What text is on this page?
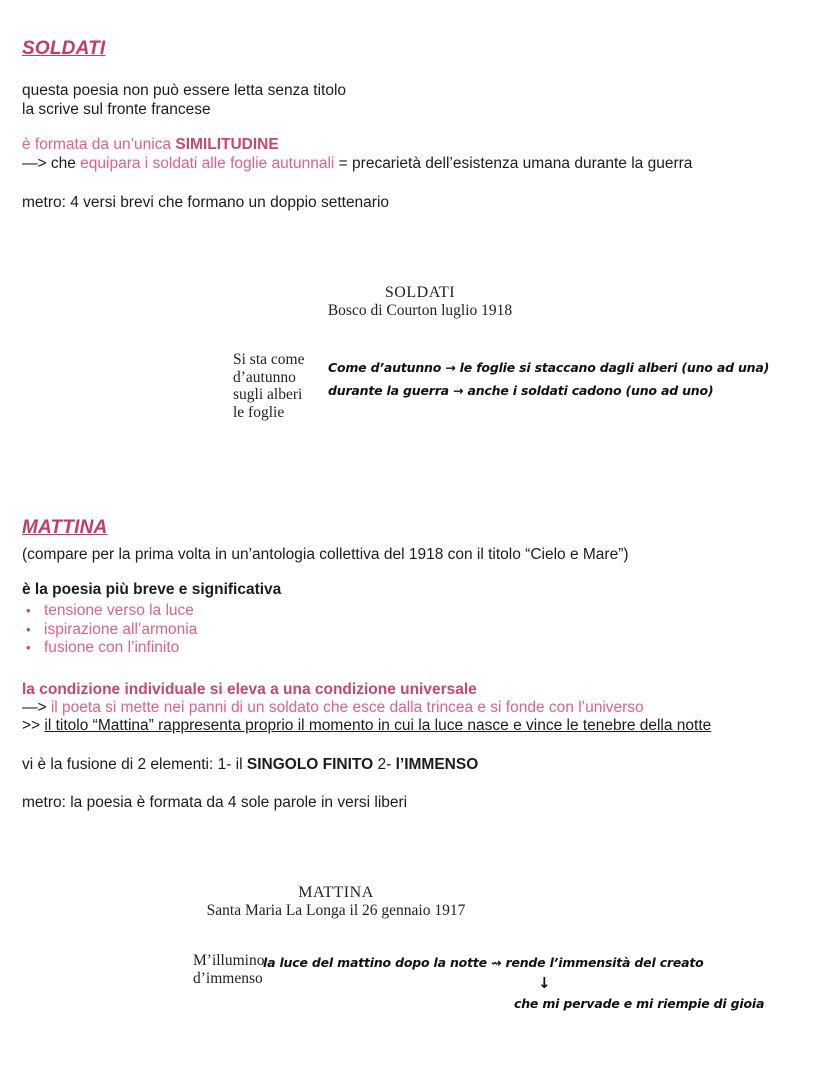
SOLDATI
questa poesia non può essere letta senza titolo
la scrive sul fronte francese
è formata da un’unica SIMILITUDINE
—> che equipara i soldati alle foglie autunnali = precarietà dell’esistenza umana durante la guerra
metro: 4 versi brevi che formano un doppio settenario
SOLDATI
Bosco di Courton luglio 1918
Si sta come
d’autunno
sugli alberi
le foglie
Come d’autunno → le foglie si staccano dagli alberi (uno ad una)
durante la guerra → anche i soldati cadono (uno ad uno)
MATTINA
(compare per la prima volta in un’antologia collettiva del 1918 con il titolo “Cielo e Mare”)
è la poesia più breve e significativa
• tensione verso la luce
• ispirazione all’armonia
• fusione con l’infinito
la condizione individuale si eleva a una condizione universale
—> il poeta si mette nei panni di un soldato che esce dalla trincea e si fonde con l’universo
>> il titolo “Mattina” rappresenta proprio il momento in cui la luce nasce e vince le tenebre della notte
vi è la fusione di 2 elementi: 1- il SINGOLO FINITO 2- l’IMMENSO
metro: la poesia è formata da 4 sole parole in versi liberi
MATTINA
Santa Maria La Longa il 26 gennaio 1917
M’illumino
d’immenso
la luce del mattino dopo la notte ⇝ rende l’immensità del creato
↓
che mi pervade e mi riempie di gioia
